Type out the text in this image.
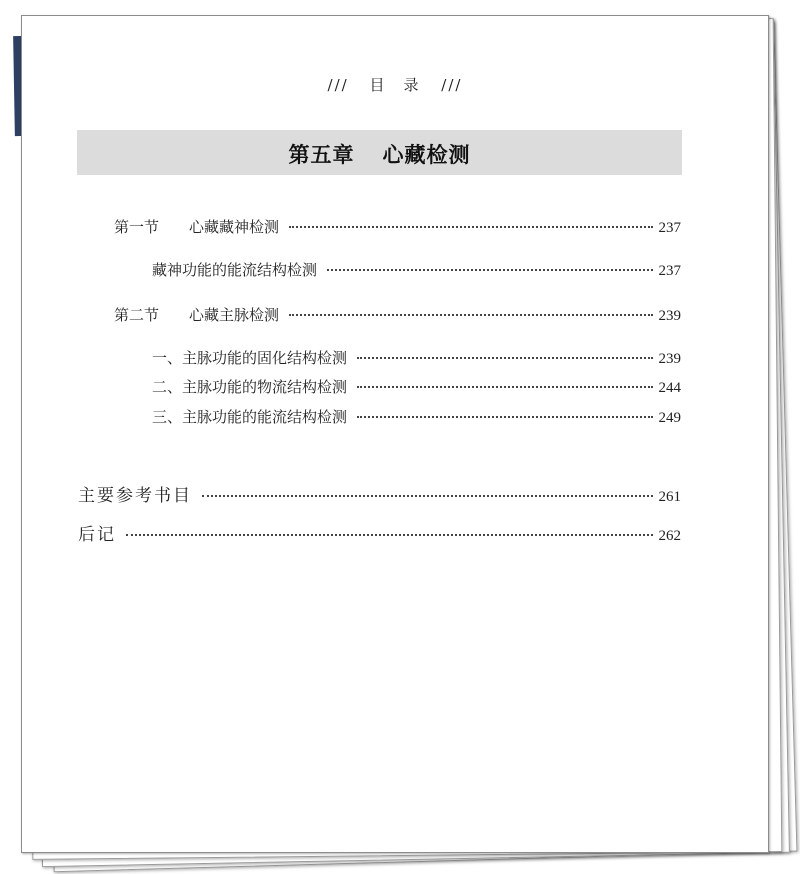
/// 目　录 ///
第五章 心藏检测
第一节	心藏藏神检测	237
藏神功能的能流结构检测	237
第二节	心藏主脉检测	239
一、主脉功能的固化结构检测	239
二、主脉功能的物流结构检测	244
三、主脉功能的能流结构检测	249
主要参考书目	261
后记	262
